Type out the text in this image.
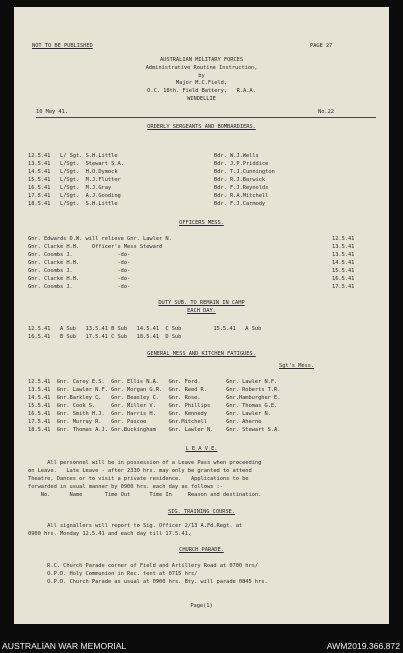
NOT TO BE PUBLISHED	PAGE 27
AUSTRALIAN MILITARY FORCES
Administrative Routine Instruction,
by
Major M.C.Field,
O.C. 18th. Field Battery,   R.A.A.
WINDELLIE
10 May 41.	No.22
ORDERLY SERGEANTS AND BOMBARDIERS.
12.5.41 L/ Sgt. S.H.Little	Bdr. W.J.Wells
13.5.41 L/Sgt.  Stewart S.A.	Bdr. J.P.Priddice
14.5.41 L/Sgt.  H.O.Dymock	Bdr. T.J.Cunnington
15.5.41 L/Sgt.  M.J.Flutter	Bdr. R.J.Barwick
16.5.41 L/Sgt.  M.J.Gray	Bdr. F.J.Reynolds
17.5.41 L/Sgt.  A.J.Gooding	Bdr. R.A.Mitchell
18.5.41 L/Sgt.  S.H.Little	Bdr. F.J.Carmody
OFFICERS MESS.
Gnr. Edwards D.W. will relieve Gnr. Lawler N.	12.5.41
Gnr. Clarke H.H.    Officer's Mess Steward	13.5.41
Gnr. Coombs J.              -do-	13.5.41
Gnr. Clarke H.H.            -do-	14.5.41
Gnr. Coombs J.              -do-	15.5.41
Gnr. Clarke H.H.            -do-	16.5.41
Gnr. Coombs J.              -do-	17.5.41
DUTY SUB. TO REMAIN IN CAMP
EACH DAY.
12.5.41   A Sub   13.5.41 B Sub   14.5.41  C Sub          15.5.41   A Sub
16.5.41   B Sub   17.5.41 C Sub   18.5.41  D Sub
GENERAL MESS AND KITCHEN FATIGUES.
Sgt's Mess.
12.5.41  Gnr. Carey E.S.  Gnr. Ellis N.A.   Gnr. Ford.        Gnr. Lawler N.F.
13.5.41  Gnr. Lawler N.F. Gnr. Morgan G.R.  Gnr. Reed R.      Gnr. Roberts T.R.
14.5.41  Gnr.Barkley C.   Gnr. Beasley C.   Gnr. Rose.        Gnr.Hamburgher E.
15.5.41  Gnr. Cook S.     Gnr. Miller V.    Gnr. Phillips     Gnr. Thomas G.E.
16.5.41  Gnr. Smith H.J.  Gnr. Harris H.    Gnr. Kennedy      Gnr. Lawler N.
17.5.41  Gnr. Murray R.   Gnr. Pascoe       Gnr.Mitchell      Gnr. Aherne
18.5.41  Gnr. Thomas A.J. Gnr.Buckingham    Gnr. Lawler N.    Gnr. Stewart S.A.
L E A V E.
All personnel will be in possession of a Leave Pass when proceeding
on Leave.   Late Leave - after 2330 hrs. may only be granted to attend
Theatre, Dances or to visit a private residence.   Applications to be
forwarded in usual manner by 0900 hrs. each day as follows :-
No.      Name       Time Out      Time In     Reason and destination.
SIG. TRAINING COURSE.
All signallers will report to Sig. Officer 2/13 A.Fd.Regt. at
0900 hrs. Monday 12.5.41 and each day till 17.5.41.
CHURCH PARADE.
R.C. Church Parade corner of Field and Artillery Road at 0700 hrs/
O.P.D. Holy Communion in Rec. tent at 0715 hrs/
O.P.D. Church Parade as usual at 0900 hrs. Bty. will parade 0845 hrs.
Page(1)
AUSTRALIAN WAR MEMORIAL	AWM2019.366.872
